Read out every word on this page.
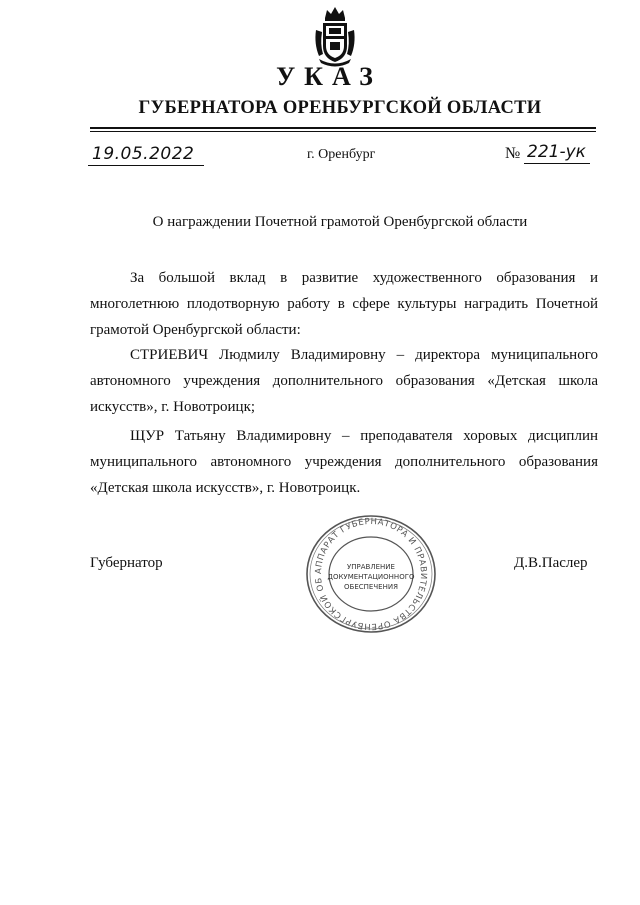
УКАЗ
ГУБЕРНАТОРА ОРЕНБУРГСКОЙ ОБЛАСТИ
19.05.2022	г. Оренбург	№ 221-ук
О награждении Почетной грамотой Оренбургской области

За большой вклад в развитие художественного образования и многолетнюю плодотворную работу в сфере культуры наградить Почетной грамотой Оренбургской области:

СТРИЕВИЧ Людмилу Владимировну – директора муниципального автономного учреждения дополнительного образования «Детская школа искусств», г. Новотроицк;

ЩУР Татьяну Владимировну – преподавателя хоровых дисциплин муниципального автономного учреждения дополнительного образования «Детская школа искусств», г. Новотроицк.

Губернатор	Д.В.Паслер
АППАРАТ ГУБЕРНАТОРА И ПРАВИТЕЛЬСТВА ОРЕНБУРГСКОЙ ОБ
УПРАВЛЕНИЕ
ДОКУМЕНТАЦИОННОГО
ОБЕСПЕЧЕНИЯ
